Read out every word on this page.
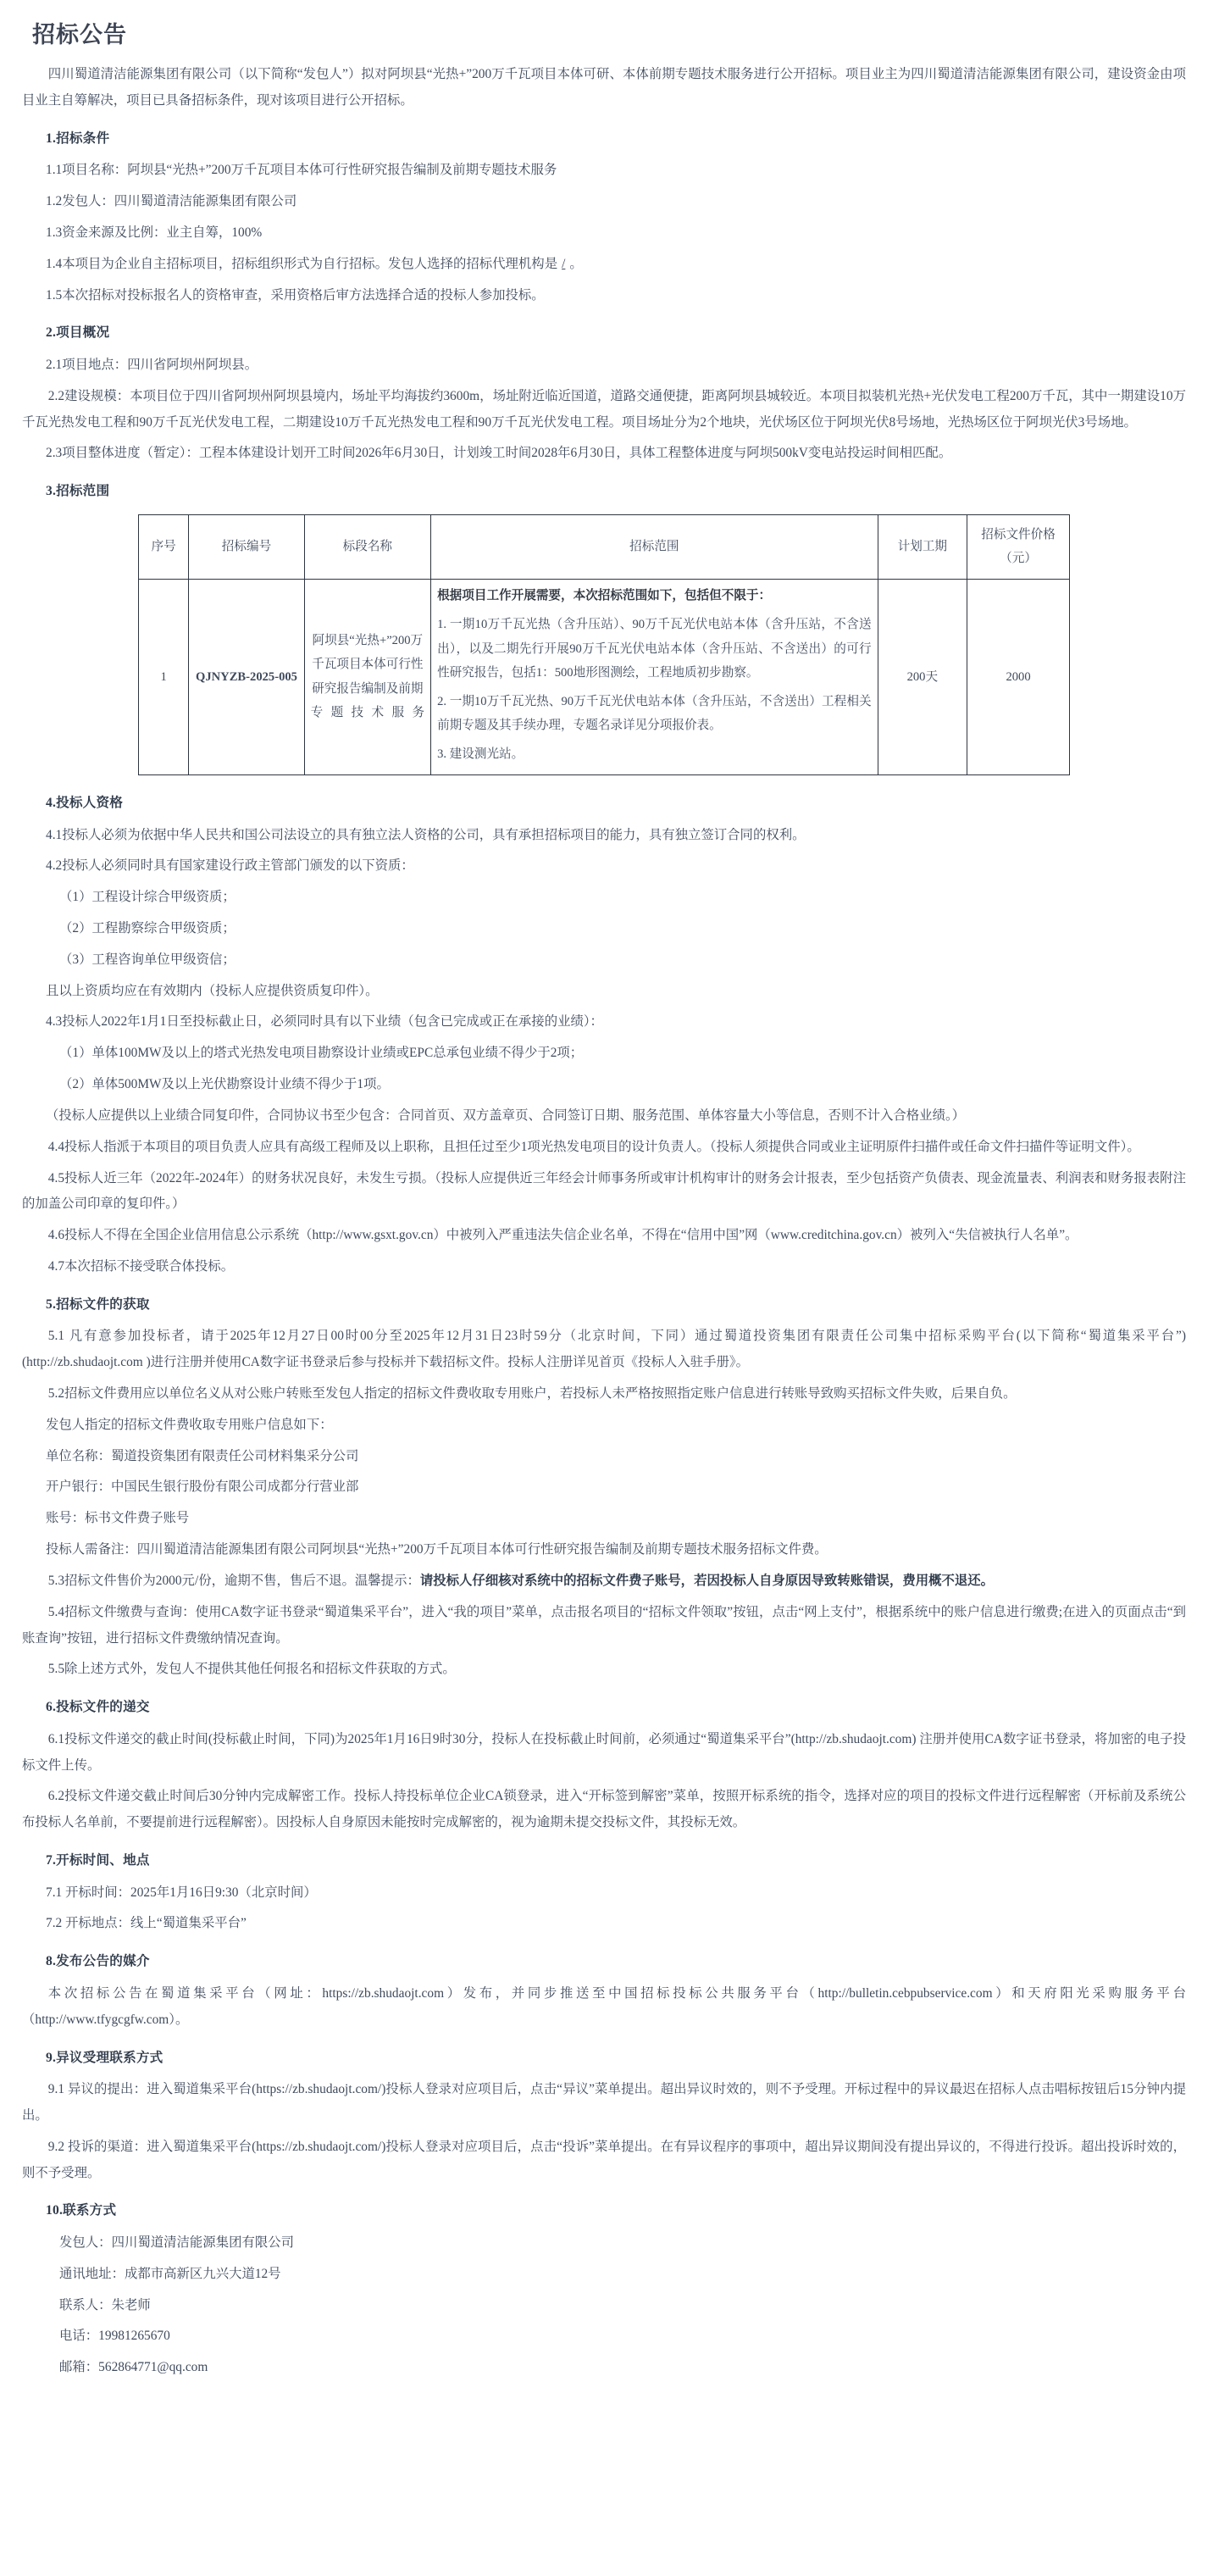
招标公告

四川蜀道清洁能源集团有限公司（以下简称“发包人”）拟对阿坝县“光热+”200万千瓦项目本体可研、本体前期专题技术服务进行公开招标。项目业主为四川蜀道清洁能源集团有限公司，建设资金由项目业主自筹解决，项目已具备招标条件，现对该项目进行公开招标。

1.招标条件

1.1项目名称：阿坝县“光热+”200万千瓦项目本体可行性研究报告编制及前期专题技术服务

1.2发包人：四川蜀道清洁能源集团有限公司

1.3资金来源及比例：业主自筹，100%

1.4本项目为企业自主招标项目，招标组织形式为自行招标。发包人选择的招标代理机构是 / 。

1.5本次招标对投标报名人的资格审查，采用资格后审方法选择合适的投标人参加投标。

2.项目概况

2.1项目地点：四川省阿坝州阿坝县。

2.2建设规模：本项目位于四川省阿坝州阿坝县境内，场址平均海拔约3600m，场址附近临近国道，道路交通便捷，距离阿坝县城较近。本项目拟装机光热+光伏发电工程200万千瓦，其中一期建设10万千瓦光热发电工程和90万千瓦光伏发电工程，二期建设10万千瓦光热发电工程和90万千瓦光伏发电工程。项目场址分为2个地块，光伏场区位于阿坝光伏8号场地，光热场区位于阿坝光伏3号场地。

2.3项目整体进度（暂定）：工程本体建设计划开工时间2026年6月30日，计划竣工时间2028年6月30日，具体工程整体进度与阿坝500kV变电站投运时间相匹配。

3.招标范围
序号	招标编号	标段名称	招标范围	计划工期	招标文件价格（元）
1	QJNYZB-2025-005	阿坝县“光热+”200万千瓦项目本体可行性研究报告编制及前期专题技术服务	根据项目工作开展需要，本次招标范围如下，包括但不限于：
1. 一期10万千瓦光热（含升压站）、90万千瓦光伏电站本体（含升压站，不含送出），以及二期先行开展90万千瓦光伏电站本体（含升压站、不含送出）的可行性研究报告，包括1：500地形图测绘，工程地质初步勘察。
2. 一期10万千瓦光热、90万千瓦光伏电站本体（含升压站，不含送出）工程相关前期专题及其手续办理，专题名录详见分项报价表。
3. 建设测光站。	200天	2000
4.投标人资格

4.1投标人必须为依据中华人民共和国公司法设立的具有独立法人资格的公司，具有承担招标项目的能力，具有独立签订合同的权利。

4.2投标人必须同时具有国家建设行政主管部门颁发的以下资质：

（1）工程设计综合甲级资质；

（2）工程勘察综合甲级资质；

（3）工程咨询单位甲级资信；

且以上资质均应在有效期内（投标人应提供资质复印件）。

4.3投标人2022年1月1日至投标截止日，必须同时具有以下业绩（包含已完成或正在承接的业绩）：

（1）单体100MW及以上的塔式光热发电项目勘察设计业绩或EPC总承包业绩不得少于2项；

（2）单体500MW及以上光伏勘察设计业绩不得少于1项。

（投标人应提供以上业绩合同复印件，合同协议书至少包含：合同首页、双方盖章页、合同签订日期、服务范围、单体容量大小等信息，否则不计入合格业绩。）

4.4投标人指派于本项目的项目负责人应具有高级工程师及以上职称，且担任过至少1项光热发电项目的设计负责人。（投标人须提供合同或业主证明原件扫描件或任命文件扫描件等证明文件）。

4.5投标人近三年（2022年-2024年）的财务状况良好，未发生亏损。（投标人应提供近三年经会计师事务所或审计机构审计的财务会计报表，至少包括资产负债表、现金流量表、利润表和财务报表附注的加盖公司印章的复印件。）

4.6投标人不得在全国企业信用信息公示系统（http://www.gsxt.gov.cn）中被列入严重违法失信企业名单，不得在“信用中国”网（www.creditchina.gov.cn）被列入“失信被执行人名单”。

4.7本次招标不接受联合体投标。

5.招标文件的获取

5.1 凡有意参加投标者，请于2025年12月27日00时00分至2025年12月31日23时59分（北京时间，下同）通过蜀道投资集团有限责任公司集中招标采购平台(以下简称“蜀道集采平台”)(http://zb.shudaojt.com )进行注册并使用CA数字证书登录后参与投标并下载招标文件。投标人注册详见首页《投标人入驻手册》。

5.2招标文件费用应以单位名义从对公账户转账至发包人指定的招标文件费收取专用账户，若投标人未严格按照指定账户信息进行转账导致购买招标文件失败，后果自负。

发包人指定的招标文件费收取专用账户信息如下：

单位名称：蜀道投资集团有限责任公司材料集采分公司

开户银行：中国民生银行股份有限公司成都分行营业部

账号：标书文件费子账号

投标人需备注：四川蜀道清洁能源集团有限公司阿坝县“光热+”200万千瓦项目本体可行性研究报告编制及前期专题技术服务招标文件费。

5.3招标文件售价为2000元/份，逾期不售，售后不退。温馨提示：请投标人仔细核对系统中的招标文件费子账号，若因投标人自身原因导致转账错误，费用概不退还。

5.4招标文件缴费与查询：使用CA数字证书登录“蜀道集采平台”，进入“我的项目”菜单，点击报名项目的“招标文件领取”按钮，点击“网上支付”，根据系统中的账户信息进行缴费;在进入的页面点击“到账查询”按钮，进行招标文件费缴纳情况查询。

5.5除上述方式外，发包人不提供其他任何报名和招标文件获取的方式。

6.投标文件的递交

6.1投标文件递交的截止时间(投标截止时间，下同)为2025年1月16日9时30分，投标人在投标截止时间前，必须通过“蜀道集采平台”(http://zb.shudaojt.com) 注册并使用CA数字证书登录，将加密的电子投标文件上传。

6.2投标文件递交截止时间后30分钟内完成解密工作。投标人持投标单位企业CA锁登录，进入“开标签到解密”菜单，按照开标系统的指令，选择对应的项目的投标文件进行远程解密（开标前及系统公布投标人名单前，不要提前进行远程解密）。因投标人自身原因未能按时完成解密的，视为逾期未提交投标文件，其投标无效。

7.开标时间、地点

7.1 开标时间：2025年1月16日9:30（北京时间）

7.2 开标地点：线上“蜀道集采平台”

8.发布公告的媒介

本次招标公告在蜀道集采平台（网址：https://zb.shudaojt.com）发布，并同步推送至中国招标投标公共服务平台（http://bulletin.cebpubservice.com）和天府阳光采购服务平台（http://www.tfygcgfw.com）。

9.异议受理联系方式

9.1 异议的提出：进入蜀道集采平台(https://zb.shudaojt.com/)投标人登录对应项目后，点击“异议”菜单提出。超出异议时效的，则不予受理。开标过程中的异议最迟在招标人点击唱标按钮后15分钟内提出。

9.2 投诉的渠道：进入蜀道集采平台(https://zb.shudaojt.com/)投标人登录对应项目后，点击“投诉”菜单提出。在有异议程序的事项中，超出异议期间没有提出异议的，不得进行投诉。超出投诉时效的，则不予受理。

10.联系方式

发包人：四川蜀道清洁能源集团有限公司

通讯地址：成都市高新区九兴大道12号

联系人：朱老师

电话：19981265670

邮箱：562864771@qq.com
